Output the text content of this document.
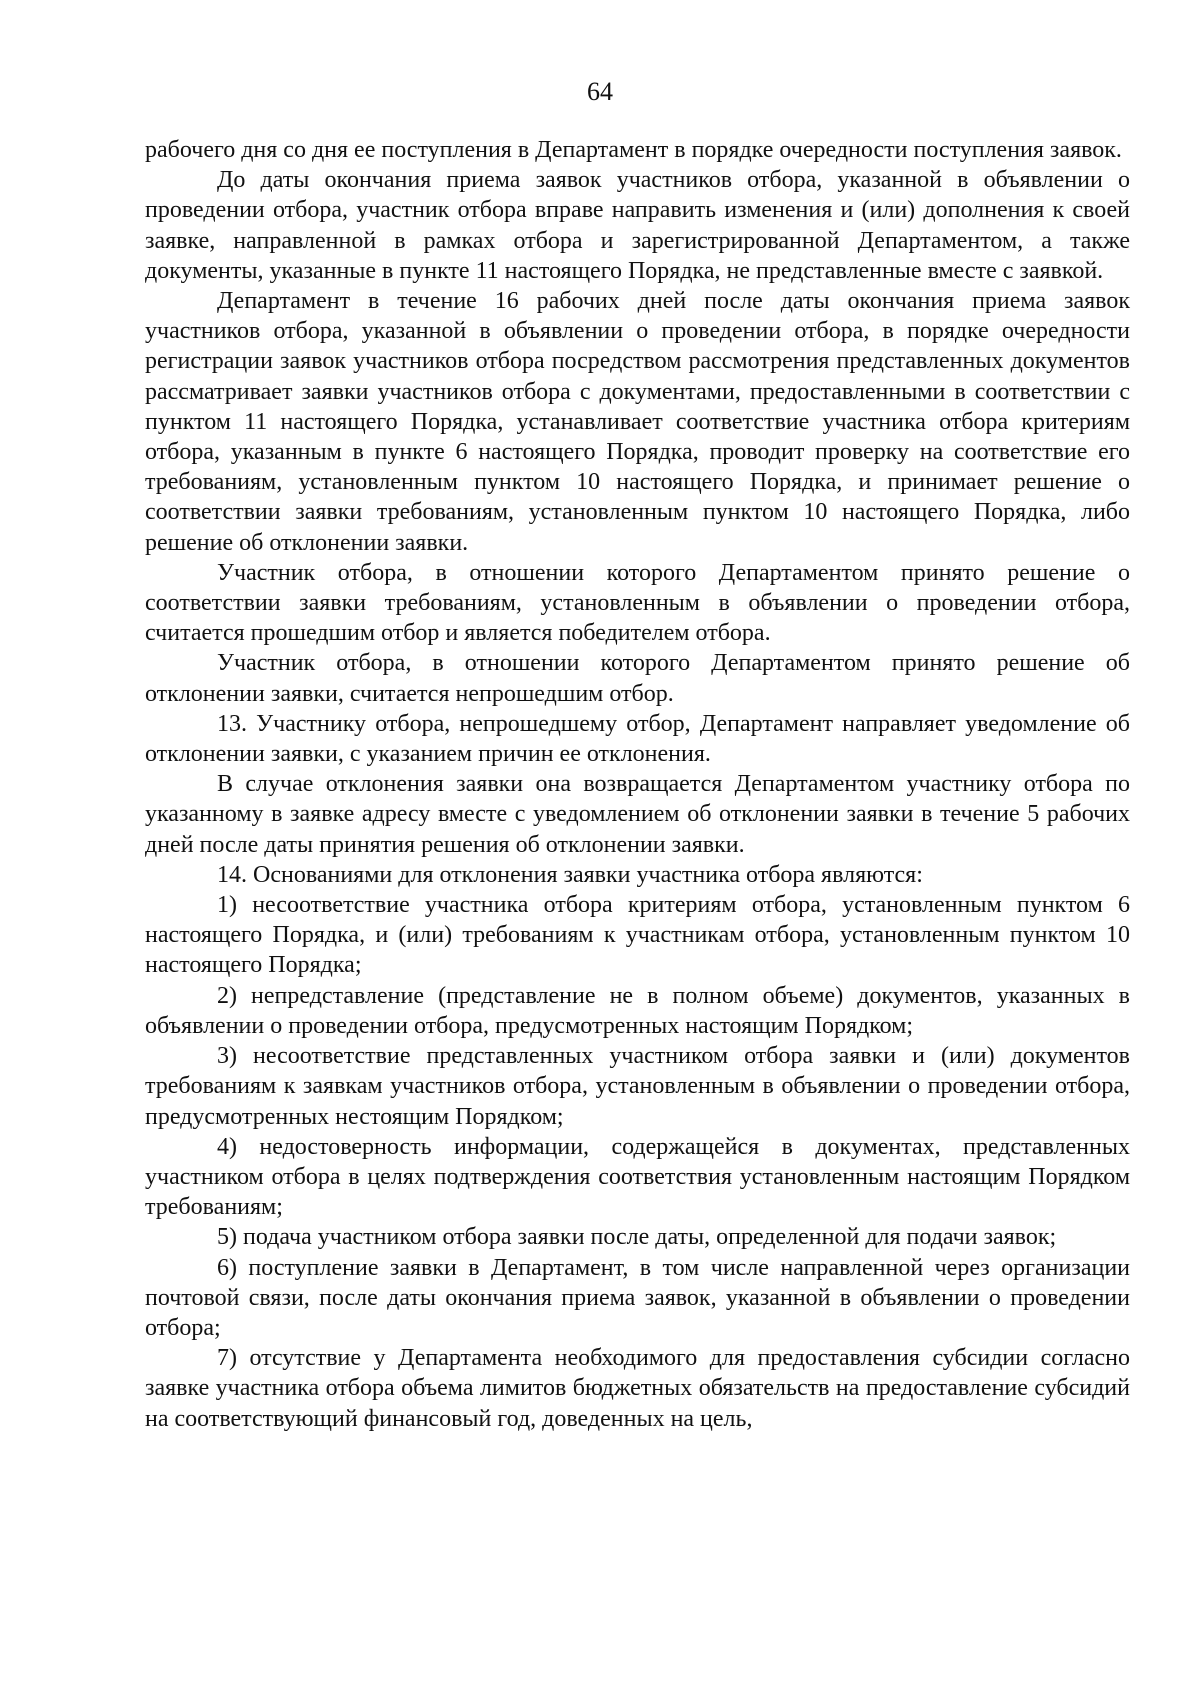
64

рабочего дня со дня ее поступления в Департамент в порядке очередности поступления заявок.

До даты окончания приема заявок участников отбора, указанной в объявлении о проведении отбора, участник отбора вправе направить изменения и (или) дополнения к своей заявке, направленной в рамках отбора и зарегистрированной Департаментом, а также документы, указанные в пункте 11 настоящего Порядка, не представленные вместе с заявкой.

Департамент в течение 16 рабочих дней после даты окончания приема заявок участников отбора, указанной в объявлении о проведении отбора, в порядке очередности регистрации заявок участников отбора посредством рассмотрения представленных документов рассматривает заявки участников отбора с документами, предоставленными в соответствии с пунктом 11 настоящего Порядка, устанавливает соответствие участника отбора критериям отбора, указанным в пункте 6 настоящего Порядка, проводит проверку на соответствие его требованиям, установленным пунктом 10 настоящего Порядка, и принимает решение о соответствии заявки требованиям, установленным пунктом 10 настоящего Порядка, либо решение об отклонении заявки.

Участник отбора, в отношении которого Департаментом принято решение о соответствии заявки требованиям, установленным в объявлении о проведении отбора, считается прошедшим отбор и является победителем отбора.

Участник отбора, в отношении которого Департаментом принято решение об отклонении заявки, считается непрошедшим отбор.

13. Участнику отбора, непрошедшему отбор, Департамент направляет уведомление об отклонении заявки, с указанием причин ее отклонения.

В случае отклонения заявки она возвращается Департаментом участнику отбора по указанному в заявке адресу вместе с уведомлением об отклонении заявки в течение 5 рабочих дней после даты принятия решения об отклонении заявки.

14. Основаниями для отклонения заявки участника отбора являются:

1) несоответствие участника отбора критериям отбора, установленным пунктом 6 настоящего Порядка, и (или) требованиям к участникам отбора, установленным пунктом 10 настоящего Порядка;

2) непредставление (представление не в полном объеме) документов, указанных в объявлении о проведении отбора, предусмотренных настоящим Порядком;

3) несоответствие представленных участником отбора заявки и (или) документов требованиям к заявкам участников отбора, установленным в объявлении о проведении отбора, предусмотренных нестоящим Порядком;

4) недостоверность информации, содержащейся в документах, представленных участником отбора в целях подтверждения соответствия установленным настоящим Порядком требованиям;

5) подача участником отбора заявки после даты, определенной для подачи заявок;

6) поступление заявки в Департамент, в том числе направленной через организации почтовой связи, после даты окончания приема заявок, указанной в объявлении о проведении отбора;

7) отсутствие у Департамента необходимого для предоставления субсидии согласно заявке участника отбора объема лимитов бюджетных обязательств на предоставление субсидий на соответствующий финансовый год, доведенных на цель,
